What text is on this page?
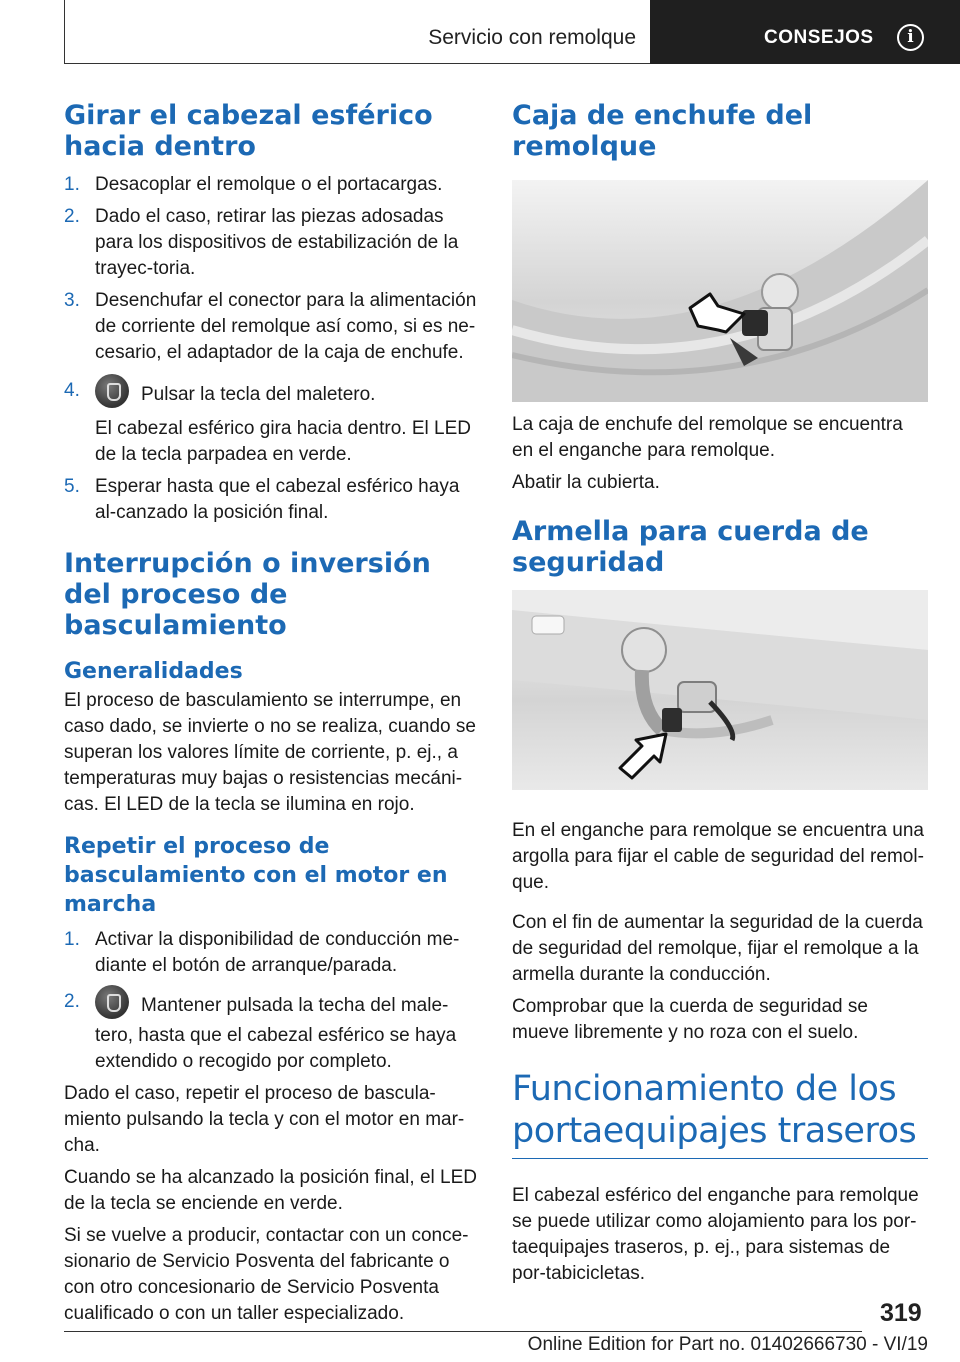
Servicio con remolque	CONSEJOS	i
Girar el cabezal esférico hacia dentro
1. Desacoplar el remolque o el portacargas.
2. Dado el caso, retirar las piezas adosadas para los dispositivos de estabilización de la trayec-toria.
3. Desenchufar el conector para la alimentación de corriente del remolque así como, si es ne-cesario, el adaptador de la caja de enchufe.
4.	Pulsar la tecla del maletero.
El cabezal esférico gira hacia dentro. El LED de la tecla parpadea en verde.
5. Esperar hasta que el cabezal esférico haya al-canzado la posición final.
Interrupción o inversión del proceso de basculamiento
Generalidades

El proceso de basculamiento se interrumpe, en caso dado, se invierte o no se realiza, cuando se superan los valores límite de corriente, p. ej., a temperaturas muy bajas o resistencias mecáni-cas. El LED de la tecla se ilumina en rojo.

Repetir el proceso de basculamiento con el motor en marcha
1. Activar la disponibilidad de conducción me-diante el botón de arranque/parada.
2.	Mantener pulsada la techa del male-tero, hasta que el cabezal esférico se haya extendido o recogido por completo.

Dado el caso, repetir el proceso de bascula-miento pulsando la tecla y con el motor en mar-cha.

Cuando se ha alcanzado la posición final, el LED de la tecla se enciende en verde.

Si se vuelve a producir, contactar con un conce-sionario de Servicio Posventa del fabricante o con otro concesionario de Servicio Posventa cualificado o con un taller especializado.

Caja de enchufe del remolque

La caja de enchufe del remolque se encuentra en el enganche para remolque.

Abatir la cubierta.

Armella para cuerda de seguridad

En el enganche para remolque se encuentra una argolla para fijar el cable de seguridad del remol-que.

Con el fin de aumentar la seguridad de la cuerda de seguridad del remolque, fijar el remolque a la armella durante la conducción.

Comprobar que la cuerda de seguridad se mueve libremente y no roza con el suelo.

Funcionamiento de los portaequipajes traseros

El cabezal esférico del enganche para remolque se puede utilizar como alojamiento para los por-taequipajes traseros, p. ej., para sistemas de por-tabicicletas.

319
Online Edition for Part no. 01402666730 - VI/19
